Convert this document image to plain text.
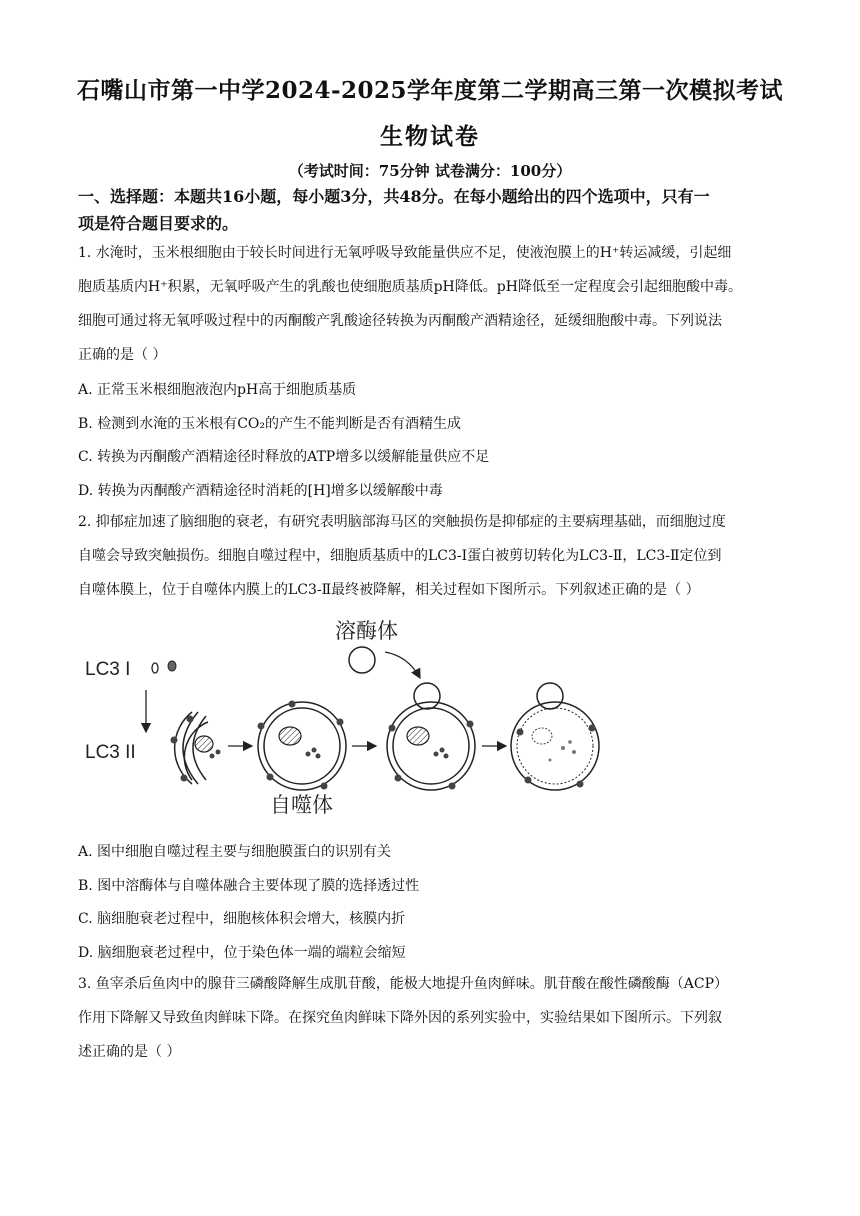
石嘴山市第一中学2024-2025学年度第二学期高三第一次模拟考试
生物试卷
（考试时间：75分钟 试卷满分：100分）
一、选择题：本题共16小题，每小题3分，共48分。在每小题给出的四个选项中，只有一
项是符合题目要求的。
1. 水淹时，玉米根细胞由于较长时间进行无氧呼吸导致能量供应不足，使液泡膜上的H⁺转运减缓，引起细
胞质基质内H⁺积累，无氧呼吸产生的乳酸也使细胞质基质pH降低。pH降低至一定程度会引起细胞酸中毒。
细胞可通过将无氧呼吸过程中的丙酮酸产乳酸途径转换为丙酮酸产酒精途径，延缓细胞酸中毒。下列说法
正确的是（ ）
A. 正常玉米根细胞液泡内pH高于细胞质基质
B. 检测到水淹的玉米根有CO₂的产生不能判断是否有酒精生成
C. 转换为丙酮酸产酒精途径时释放的ATP增多以缓解能量供应不足
D. 转换为丙酮酸产酒精途径时消耗的[H]增多以缓解酸中毒
2. 抑郁症加速了脑细胞的衰老，有研究表明脑部海马区的突触损伤是抑郁症的主要病理基础，而细胞过度
自噬会导致突触损伤。细胞自噬过程中，细胞质基质中的LC3-Ⅰ蛋白被剪切转化为LC3-Ⅱ，LC3-Ⅱ定位到
自噬体膜上，位于自噬体内膜上的LC3-Ⅱ最终被降解，相关过程如下图所示。下列叙述正确的是（ ）
溶酶体
LC3 I
LC3 II
自噬体
A. 图中细胞自噬过程主要与细胞膜蛋白的识别有关
B. 图中溶酶体与自噬体融合主要体现了膜的选择透过性
C. 脑细胞衰老过程中，细胞核体积会增大，核膜内折
D. 脑细胞衰老过程中，位于染色体一端的端粒会缩短
3. 鱼宰杀后鱼肉中的腺苷三磷酸降解生成肌苷酸，能极大地提升鱼肉鲜味。肌苷酸在酸性磷酸酶（ACP）
作用下降解又导致鱼肉鲜味下降。在探究鱼肉鲜味下降外因的系列实验中，实验结果如下图所示。下列叙
述正确的是（ ）
